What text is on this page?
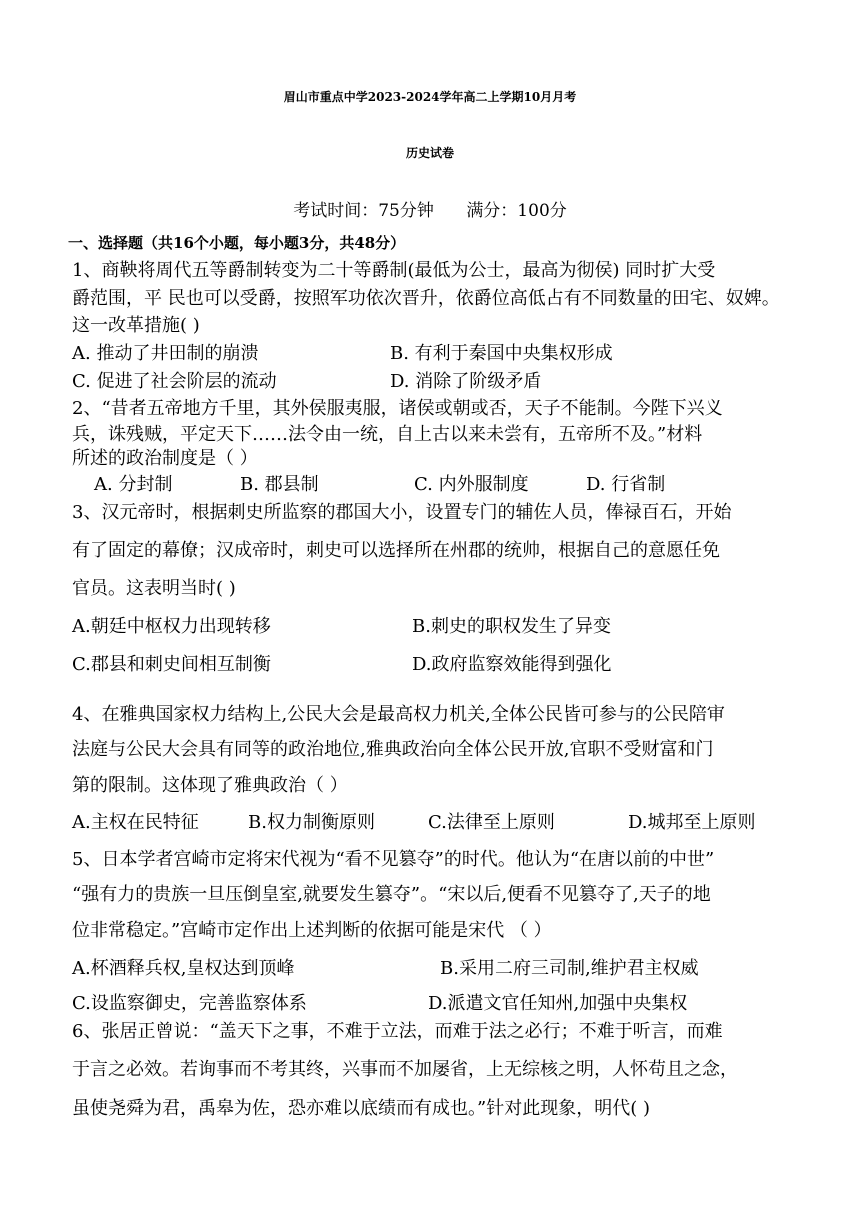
眉山市重点中学2023-2024学年高二上学期10月月考
历史试卷
考试时间：75分钟 满分：100分
一、选择题（共16个小题，每小题3分，共48分）
1、商鞅将周代五等爵制转变为二十等爵制(最低为公士，最高为彻侯) 同时扩大受
爵范围，平 民也可以受爵，按照军功依次晋升，依爵位高低占有不同数量的田宅、奴婢。
这一改革措施( )
A. 推动了井田制的崩溃	B. 有利于秦国中央集权形成
C. 促进了社会阶层的流动	D. 消除了阶级矛盾
2、“昔者五帝地方千里，其外侯服夷服，诸侯或朝或否，天子不能制。今陛下兴义
兵，诛残贼，平定天下……法令由一统，自上古以来未尝有，五帝所不及。”材料
所述的政治制度是（ ）
A. 分封制	B. 郡县制	C. 内外服制度	D. 行省制
3、汉元帝时，根据刺史所监察的郡国大小，设置专门的辅佐人员，俸禄百石，开始
有了固定的幕僚；汉成帝时，刺史可以选择所在州郡的统帅，根据自己的意愿任免
官员。这表明当时( )
A.朝廷中枢权力出现转移	B.刺史的职权发生了异变
C.郡县和刺史间相互制衡	D.政府监察效能得到强化
4、在雅典国家权力结构上,公民大会是最高权力机关,全体公民皆可参与的公民陪审
法庭与公民大会具有同等的政治地位,雅典政治向全体公民开放,官职不受财富和门
第的限制。这体现了雅典政治（ ）
A.主权在民特征	B.权力制衡原则	C.法律至上原则	D.城邦至上原则
5、日本学者宫崎市定将宋代视为“看不见篡夺”的时代。他认为“在唐以前的中世”
“强有力的贵族一旦压倒皇室,就要发生篡夺”。“宋以后,便看不见篡夺了,天子的地
位非常稳定。”宫崎市定作出上述判断的依据可能是宋代 （ ）
A.杯酒释兵权,皇权达到顶峰	B.采用二府三司制,维护君主权威
C.设监察御史，完善监察体系	D.派遣文官任知州,加强中央集权
6、张居正曾说：“盖天下之事，不难于立法，而难于法之必行；不难于听言，而难
于言之必效。若询事而不考其终，兴事而不加屡省，上无综核之明，人怀苟且之念，
虽使尧舜为君，禹皋为佐，恐亦难以底绩而有成也。”针对此现象，明代( )
